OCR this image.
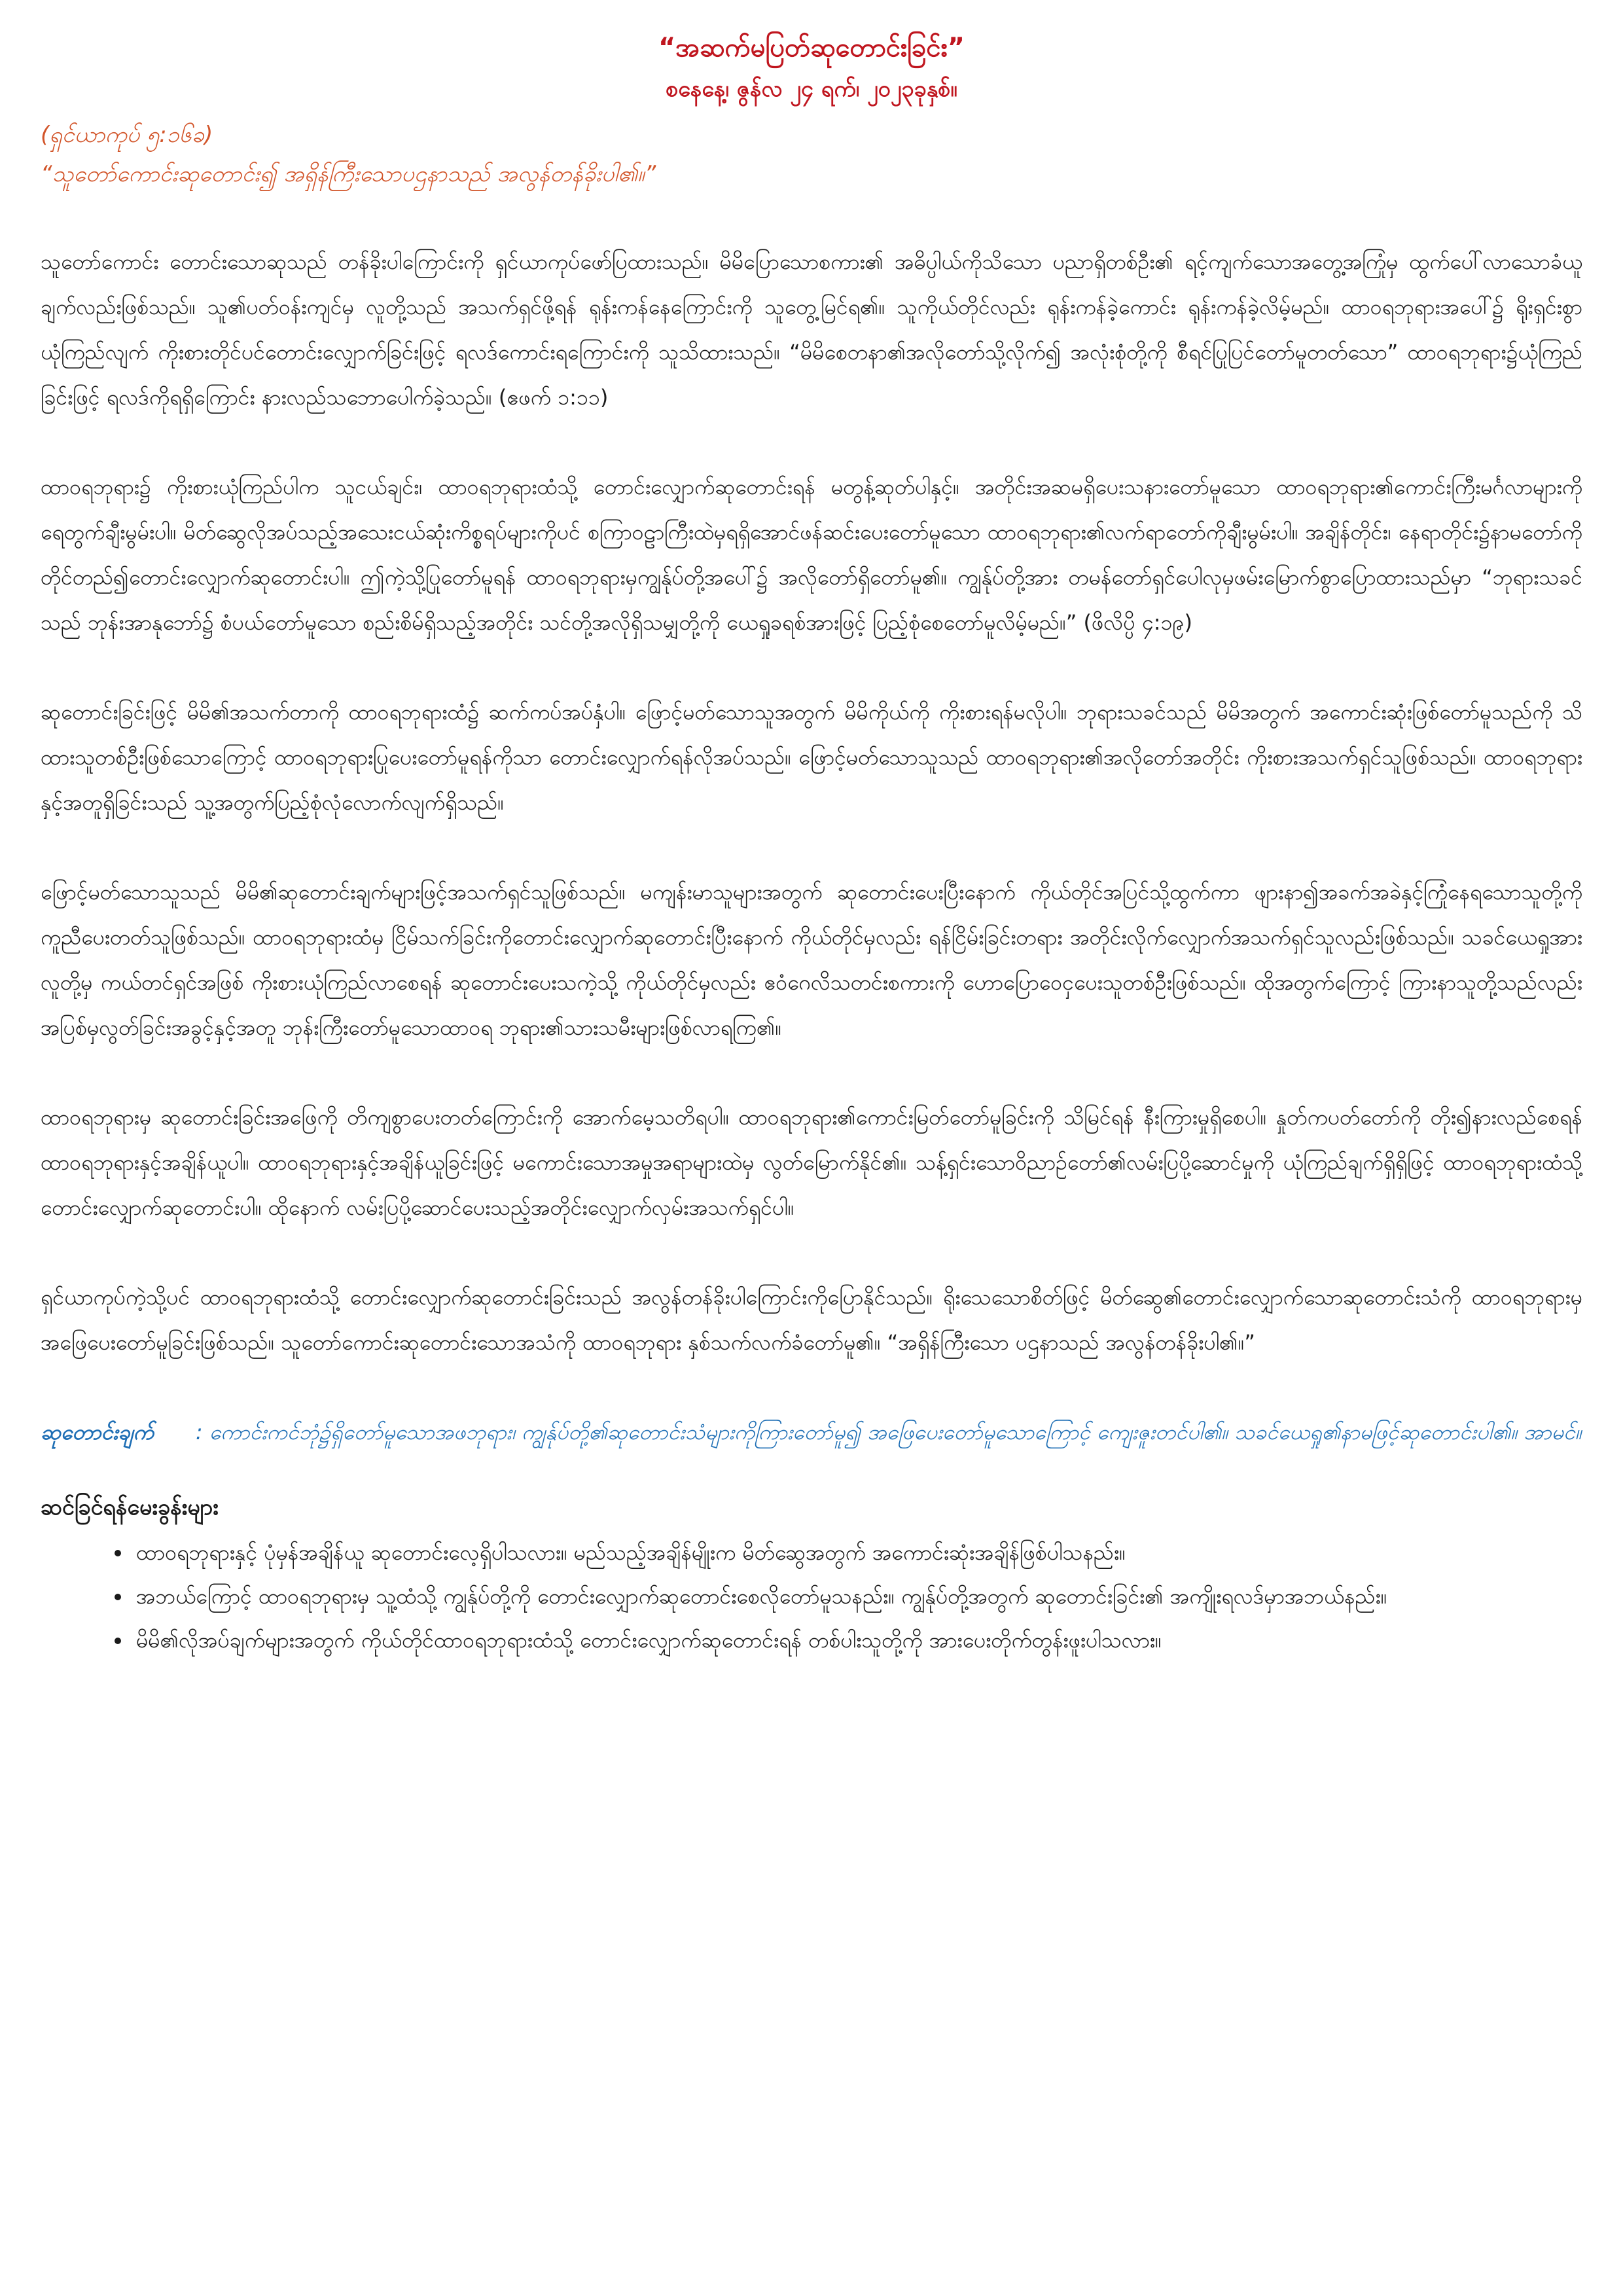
“အဆက်မပြတ်ဆုတောင်းခြင်း”

စနေနေ့၊ ဇွန်လ ၂၄ ရက်၊ ၂၀၂၃ခုနှစ်။

(ရှင်ယာကုပ် ၅:၁၆ခ)

“သူတော်ကောင်းဆုတောင်း၍ အရှိန်ကြီးသောပဌနာသည် အလွန်တန်ခိုးပါ၏။”

သူတော်ကောင်း တောင်းသောဆုသည် တန်ခိုးပါကြောင်းကို ရှင်ယာကုပ်ဖော်ပြထားသည်။ မိမိပြောသောစကား၏ အဓိပ္ပါယ်ကိုသိသော ပညာရှိတစ်ဦး၏ ရင့်ကျက်သောအတွေ့အကြုံမှ ထွက်ပေါ်လာသောခံယူချက်လည်းဖြစ်သည်။ သူ၏ပတ်ဝန်းကျင်မှ လူတို့သည် အသက်ရှင်ဖို့ရန် ရုန်းကန်နေကြောင်းကို သူတွေ့မြင်ရ၏။ သူကိုယ်တိုင်လည်း ရုန်းကန်ခဲ့ကောင်း ရုန်းကန်ခဲ့လိမ့်မည်။ ထာဝရဘုရားအပေါ်၌ ရိုးရှင်းစွာယုံကြည်လျက် ကိုးစားတိုင်ပင်တောင်းလျှောက်ခြင်းဖြင့် ရလဒ်ကောင်းရကြောင်းကို သူသိထားသည်။ “မိမိစေတနာ၏အလိုတော်သို့လိုက်၍ အလုံးစုံတို့ကို စီရင်ပြုပြင်တော်မူတတ်သော” ထာဝရဘုရား၌ယုံကြည်ခြင်းဖြင့် ရလဒ်ကိုရရှိကြောင်း နားလည်သဘောပေါက်ခဲ့သည်။ (ဧဖက် ၁:၁၁)

ထာဝရဘုရား၌ ကိုးစားယုံကြည်ပါက သူငယ်ချင်း၊ ထာဝရဘုရားထံသို့ တောင်းလျှောက်ဆုတောင်းရန် မတွန့်ဆုတ်ပါနှင့်။ အတိုင်းအဆမရှိပေးသနားတော်မူသော ထာဝရဘုရား၏ကောင်းကြီးမင်္ဂလာများကို ရေတွက်ချီးမွမ်းပါ။ မိတ်ဆွေလိုအပ်သည့်အသေးငယ်ဆုံးကိစ္စရပ်များကိုပင် စကြာဝဠာကြီးထဲမှရရှိအောင်ဖန်ဆင်းပေးတော်မူသော ထာဝရဘုရား၏လက်ရာတော်ကိုချီးမွမ်းပါ။ အချိန်တိုင်း၊ နေရာတိုင်း၌နာမတော်ကို တိုင်တည်၍တောင်းလျှောက်ဆုတောင်းပါ။ ဤကဲ့သို့ပြုတော်မူရန် ထာဝရဘုရားမှကျွန်ုပ်တို့အပေါ်၌ အလိုတော်ရှိတော်မူ၏။ ကျွန်ုပ်တို့အား တမန်တော်ရှင်ပေါလုမှဖမ်းမြောက်စွာပြောထားသည်မှာ “ဘုရားသခင်သည် ဘုန်းအာနုဘော်၌ စံပယ်တော်မူသော စည်းစိမ်ရှိသည့်အတိုင်း သင်တို့အလိုရှိသမျှတို့ကို ယေရှုခရစ်အားဖြင့် ပြည့်စုံစေတော်မူလိမ့်မည်။” (ဖိလိပ္ပိ ၄:၁၉)

ဆုတောင်းခြင်းဖြင့် မိမိ၏အသက်တာကို ထာဝရဘုရားထံ၌ ဆက်ကပ်အပ်နှံပါ။ ဖြောင့်မတ်သောသူအတွက် မိမိကိုယ်ကို ကိုးစားရန်မလိုပါ။ ဘုရားသခင်သည် မိမိအတွက် အကောင်းဆုံးဖြစ်တော်မူသည်ကို သိထားသူတစ်ဦးဖြစ်သောကြောင့် ထာဝရဘုရားပြုပေးတော်မူရန်ကိုသာ တောင်းလျှောက်ရန်လိုအပ်သည်။ ဖြောင့်မတ်သောသူသည် ထာဝရဘုရား၏အလိုတော်အတိုင်း ကိုးစားအသက်ရှင်သူဖြစ်သည်။ ထာဝရဘုရားနှင့်အတူရှိခြင်းသည် သူ့အတွက်ပြည့်စုံလုံလောက်လျက်ရှိသည်။

ဖြောင့်မတ်သောသူသည် မိမိ၏ဆုတောင်းချက်များဖြင့်အသက်ရှင်သူဖြစ်သည်။ မကျန်းမာသူများအတွက် ဆုတောင်းပေးပြီးနောက် ကိုယ်တိုင်အပြင်သို့ထွက်ကာ ဖျားနာ၍အခက်အခဲနှင့်ကြုံနေရသောသူတို့ကို ကူညီပေးတတ်သူဖြစ်သည်။ ထာဝရဘုရားထံမှ ငြိမ်သက်ခြင်းကိုတောင်းလျှောက်ဆုတောင်းပြီးနောက် ကိုယ်တိုင်မှလည်း ရန်ငြိမ်းခြင်းတရား အတိုင်းလိုက်လျှောက်အသက်ရှင်သူလည်းဖြစ်သည်။ သခင်ယေရှုအား လူတို့မှ ကယ်တင်ရှင်အဖြစ် ကိုးစားယုံကြည်လာစေရန် ဆုတောင်းပေးသကဲ့သို့ ကိုယ်တိုင်မှလည်း ဧဝံဂေလိသတင်းစကားကို ဟောပြောဝေငှပေးသူတစ်ဦးဖြစ်သည်။ ထိုအတွက်ကြောင့် ကြားနာသူတို့သည်လည်း အပြစ်မှလွတ်ခြင်းအခွင့်နှင့်အတူ ဘုန်းကြီးတော်မူသောထာဝရ ဘုရား၏သားသမီးများဖြစ်လာရကြ၏။

ထာဝရဘုရားမှ ဆုတောင်းခြင်းအဖြေကို တိကျစွာပေးတတ်ကြောင်းကို အောက်မေ့သတိရပါ။ ထာဝရဘုရား၏ကောင်းမြတ်တော်မူခြင်းကို သိမြင်ရန် နီးကြားမှုရှိစေပါ။ နှုတ်ကပတ်တော်ကို တိုး၍နားလည်စေရန် ထာဝရဘုရားနှင့်အချိန်ယူပါ။ ထာဝရဘုရားနှင့်အချိန်ယူခြင်းဖြင့် မကောင်းသောအမှုအရာများထဲမှ လွတ်မြောက်နိုင်၏။ သန့်ရှင်းသောဝိညာဉ်တော်၏လမ်းပြပို့ဆောင်မှုကို ယုံကြည်ချက်ရှိရှိဖြင့် ထာဝရဘုရားထံသို့တောင်းလျှောက်ဆုတောင်းပါ။ ထိုနောက် လမ်းပြပို့ဆောင်ပေးသည့်အတိုင်းလျှောက်လှမ်းအသက်ရှင်ပါ။

ရှင်ယာကုပ်ကဲ့သို့ပင် ထာဝရဘုရားထံသို့ တောင်းလျှောက်ဆုတောင်းခြင်းသည် အလွန်တန်ခိုးပါကြောင်းကိုပြောနိုင်သည်။ ရိုးသေသောစိတ်ဖြင့် မိတ်ဆွေ၏တောင်းလျှောက်သောဆုတောင်းသံကို ထာဝရဘုရားမှအဖြေပေးတော်မူခြင်းဖြစ်သည်။ သူတော်ကောင်းဆုတောင်းသောအသံကို ထာဝရဘုရား နှစ်သက်လက်ခံတော်မူ၏။ “အရှိန်ကြီးသော ပဌနာသည် အလွန်တန်ခိုးပါ၏။”

ဆုတောင်းချက် : ကောင်းကင်ဘုံ၌ရှိတော်မူသောအဖဘုရား၊ ကျွန်ုပ်တို့၏ဆုတောင်းသံများကိုကြားတော်မူ၍ အဖြေပေးတော်မူသောကြောင့် ကျေးဇူးတင်ပါ၏။ သခင်ယေရှု၏နာမဖြင့်ဆုတောင်းပါ၏။ အာမင်။

ဆင်ခြင်ရန်မေးခွန်းများ

• ထာဝရဘုရားနှင့် ပုံမှန်အချိန်ယူ ဆုတောင်းလေ့ရှိပါသလား။ မည်သည့်အချိန်မျိုးက မိတ်ဆွေအတွက် အကောင်းဆုံးအချိန်ဖြစ်ပါသနည်း။
• အဘယ်ကြောင့် ထာဝရဘုရားမှ သူ့ထံသို့ ကျွန်ုပ်တို့ကို တောင်းလျှောက်ဆုတောင်းစေလိုတော်မူသနည်း။ ကျွန်ုပ်တို့အတွက် ဆုတောင်းခြင်း၏ အကျိုးရလဒ်မှာအဘယ်နည်း။
• မိမိ၏လိုအပ်ချက်များအတွက် ကိုယ်တိုင်ထာဝရဘုရားထံသို့ တောင်းလျှောက်ဆုတောင်းရန် တစ်ပါးသူတို့ကို အားပေးတိုက်တွန်းဖူးပါသလား။
